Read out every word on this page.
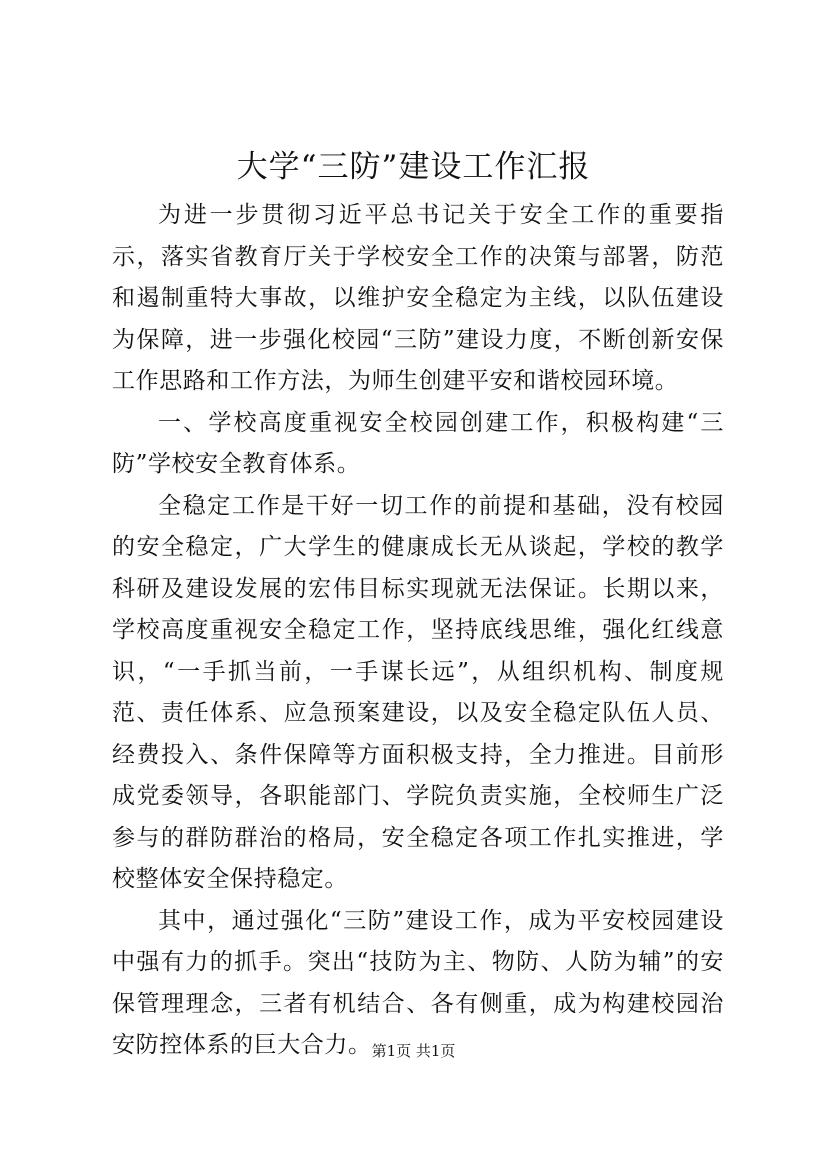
大学“三防”建设工作汇报

为进一步贯彻习近平总书记关于安全工作的重要指示，落实省教育厅关于学校安全工作的决策与部署，防范和遏制重特大事故，以维护安全稳定为主线，以队伍建设为保障，进一步强化校园“三防”建设力度，不断创新安保工作思路和工作方法，为师生创建平安和谐校园环境。

一、学校高度重视安全校园创建工作，积极构建“三防”学校安全教育体系。

全稳定工作是干好一切工作的前提和基础，没有校园的安全稳定，广大学生的健康成长无从谈起，学校的教学科研及建设发展的宏伟目标实现就无法保证。长期以来，学校高度重视安全稳定工作，坚持底线思维，强化红线意识，“一手抓当前，一手谋长远”，从组织机构、制度规范、责任体系、应急预案建设，以及安全稳定队伍人员、经费投入、条件保障等方面积极支持，全力推进。目前形成党委领导，各职能部门、学院负责实施，全校师生广泛参与的群防群治的格局，安全稳定各项工作扎实推进，学校整体安全保持稳定。

其中，通过强化“三防”建设工作，成为平安校园建设中强有力的抓手。突出“技防为主、物防、人防为辅”的安保管理理念，三者有机结合、各有侧重，成为构建校园治安防控体系的巨大合力。 第1页 共1页
